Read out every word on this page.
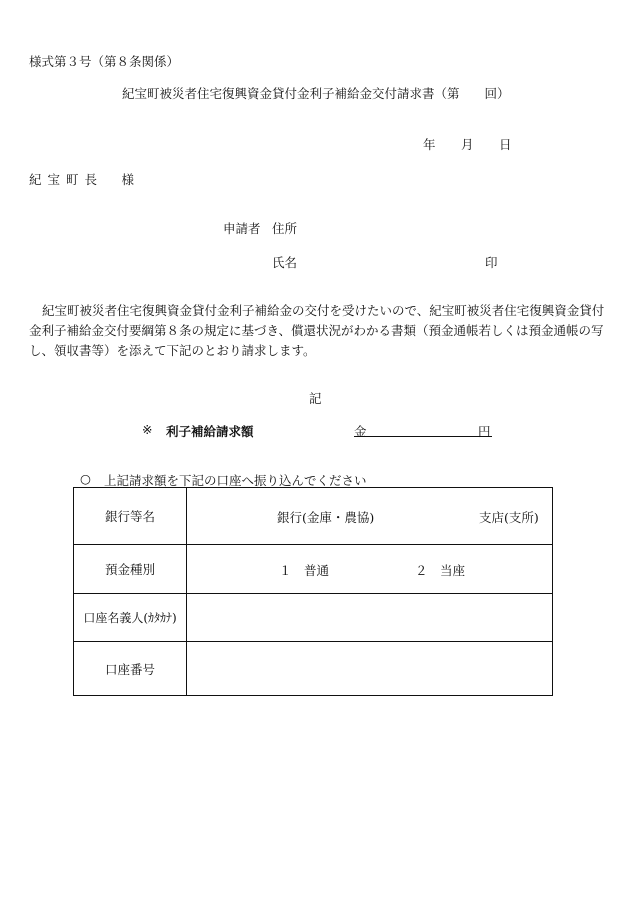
様式第３号（第８条関係）
紀宝町被災者住宅復興資金貸付金利子補給金交付請求書（第　　回）
年 月 日
紀宝町長　様
申請者 住所
氏名	印
紀宝町被災者住宅復興資金貸付金利子補給金の交付を受けたいので、紀宝町被災者住宅復興資金貸付金利子補給金交付要綱第８条の規定に基づき、償還状況がわかる書類（預金通帳若しくは預金通帳の写し、領収書等）を添えて下記のとおり請求します。
記
※ 利子補給請求額	金	円
○ 上記請求額を下記の口座へ振り込んでください
銀行等名	銀行(金庫・農協) 支店(支所)

預金種別	１　普通 ２　当座

口座名義人(ｶﾀｶﾅ)	
口座番号	
